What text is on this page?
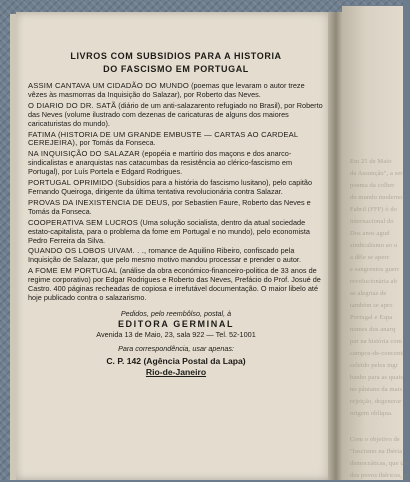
Em 25 de Maio
da Assunção", a ser
poema da colher
do mundo moderno
Fabril (FFF) ó do
internacional do
Dos anos agud
sindicalismo ao u
a dêle se aperc
e sangrentos guerr
revolucionária ab
as alegrias de
também se apro
Portugal e Espa
nomes dos anarq
par na história com
campos-de-concentr
celeido pelos ingr
banho para as quais
no pântano da mais
rejeição, degenerar
origem oblíqua.
Com o objetivo de
"fascismo na Ibéria
democráticas, que tam
dos povos ibéricos, es
LIVROS COM SUBSIDIOS PARA A HISTORIA
DO FASCISMO EM PORTUGAL
ASSIM CANTAVA UM CIDADÃO DO MUNDO (poemas que levaram o autor treze vêzes às masmorras da Inquisição do Salazar), por Roberto das Neves.
O DIARIO DO DR. SATÃ (diário de um anti-salazarento refugiado no Brasil), por Roberto das Neves (volume ilustrado com dezenas de caricaturas de alguns dos maiores caricaturistas do mundo).
FATIMA (HISTORIA DE UM GRANDE EMBUSTE — CARTAS AO CARDEAL CEREJEIRA), por Tomás da Fonseca.
NA INQUISIÇÃO DO SALAZAR (epopéia e martírio dos maçons e dos anarco-sindicalistas e anarquistas nas catacumbas da resistência ao clérico-fascismo em Portugal), por Luís Portela e Edgard Rodrigues.
PORTUGAL OPRIMIDO (Subsídios para a história do fascismo lusitano), pelo capitão Fernando Queiroga, dirigente da última tentativa revolucionária contra Salazar.
PROVAS DA INEXISTENCIA DE DEUS, por Sebastien Faure, Roberto das Neves e Tomás da Fonseca.
COOPERATIVA SEM LUCROS (Uma solução socialista, dentro da atual sociedade estato-capitalista, para o problema da fome em Portugal e no mundo), pelo economista Pedro Ferreira da Silva.
QUANDO OS LOBOS UIVAM. . ., romance de Aquilino Ribeiro, confiscado pela Inquisição de Salazar, que pelo mesmo motivo mandou processar e prender o autor.
A FOME EM PORTUGAL (análise da obra económico-financeiro-politica de 33 anos de regime corporativo) por Edgar Rodrigues e Roberto das Neves, Prefácio do Prof. Josué de Castro. 400 páginas recheadas de copiosa e irrefutável documentação. O maior libelo até hoje publicado contra o salazarismo.
Pedidos, pelo reembôlso, postal, à
EDITORA GERMINAL
Avenida 13 de Maio, 23, sala 922 — Tel. 52-1001
Para correspondência, usar apenas:
C. P. 142 (Agência Postal da Lapa)
Rio-de-Janeiro
